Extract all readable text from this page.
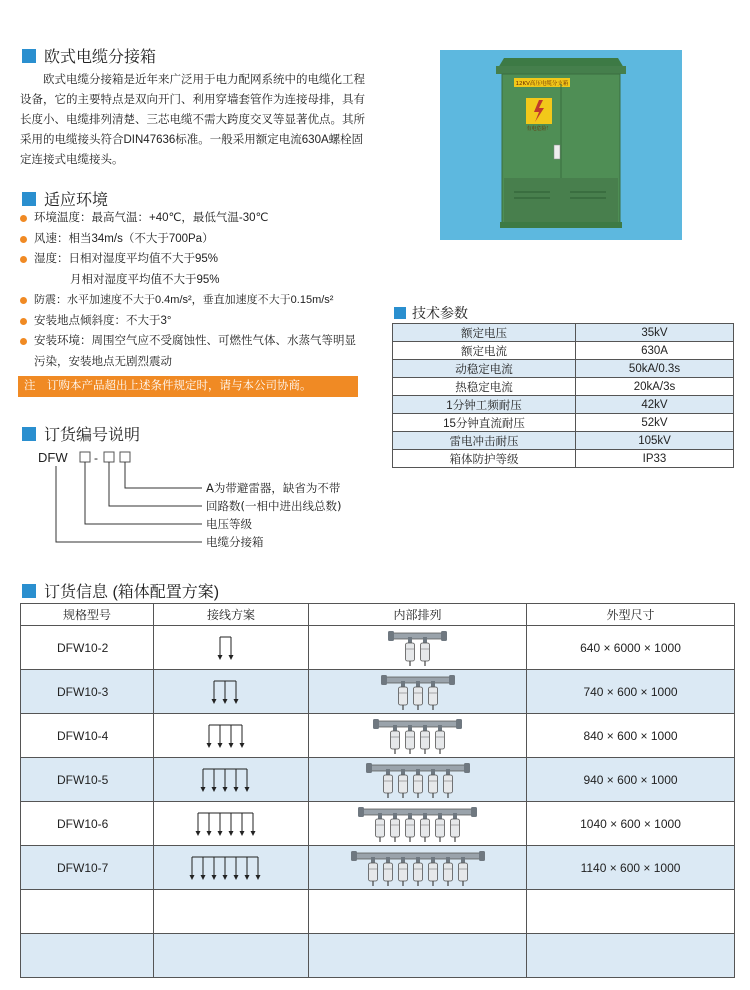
欧式电缆分接箱

欧式电缆分接箱是近年来广泛用于电力配网系统中的电缆化工程设备，它的主要特点是双向开门、利用穿墙套管作为连接母排，具有长度小、电缆排列清楚、三芯电缆不需大跨度交叉等显著优点。其所采用的电缆接头符合DIN47636标准。一般采用额定电流630A螺栓固定连接式电缆接头。

适应环境
环境温度：最高气温：+40℃，最低气温-30℃
风速：相当34m/s（不大于700Pa）
湿度：日相对湿度平均值不大于95%
月相对湿度平均值不大于95%
防震：水平加速度不大于0.4m/s²，垂直加速度不大于0.15m/s²
安装地点倾斜度：不大于3°
安装环境：周围空气应不受腐蚀性、可燃性气体、水蒸气等明显污染，安装地点无剧烈震动
注　订购本产品超出上述条件规定时，请与本公司协商。
12KV高压电缆分支箱
有电危险！
技术参数
额定电压	35kV
额定电流	630A
动稳定电流	50kA/0.3s
热稳定电流	20kA/3s
1分钟工频耐压	42kV
15分钟直流耐压	52kV
雷电冲击耐压	105kV
箱体防护等级	IP33
订货编号说明
DFW -
A为带避雷器，缺省为不带
回路数(一相中进出线总数)
电压等级
电缆分接箱
订货信息 (箱体配置方案)
规格型号	接线方案	内部排列	外型尺寸
DFW10-2			640 × 6000 × 1000
DFW10-3			740 × 600 × 1000
DFW10-4			840 × 600 × 1000
DFW10-5			940 × 600 × 1000
DFW10-6			1040 × 600 × 1000
DFW10-7			1140 × 600 × 1000
